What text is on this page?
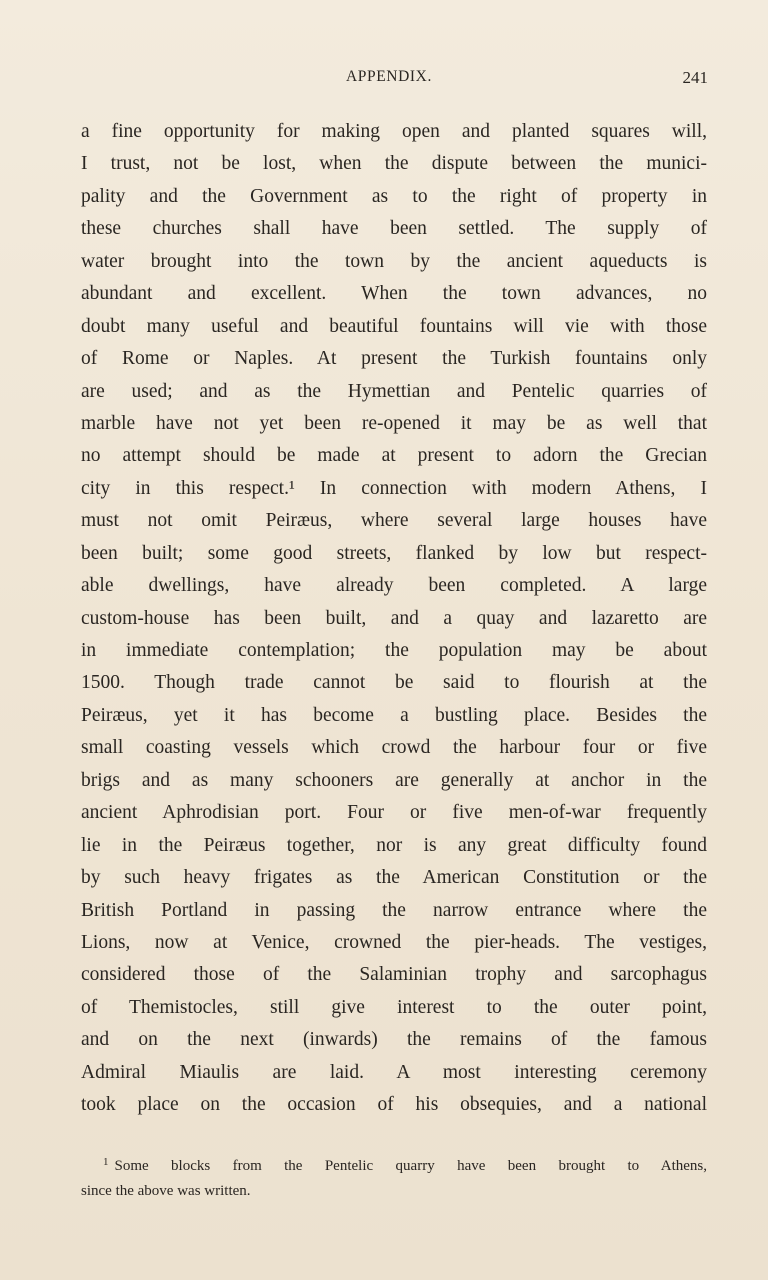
APPENDIX.	241
a fine opportunity for making open and planted squares will,
I trust, not be lost, when the dispute between the munici-
pality and the Government as to the right of property in
these churches shall have been settled. The supply of
water brought into the town by the ancient aqueducts is
abundant and excellent. When the town advances, no
doubt many useful and beautiful fountains will vie with those
of Rome or Naples. At present the Turkish fountains only
are used; and as the Hymettian and Pentelic quarries of
marble have not yet been re-opened it may be as well that
no attempt should be made at present to adorn the Grecian
city in this respect.¹ In connection with modern Athens, I
must not omit Peiræus, where several large houses have
been built; some good streets, flanked by low but respect-
able dwellings, have already been completed. A large
custom-house has been built, and a quay and lazaretto are
in immediate contemplation; the population may be about
1500. Though trade cannot be said to flourish at the
Peiræus, yet it has become a bustling place. Besides the
small coasting vessels which crowd the harbour four or five
brigs and as many schooners are generally at anchor in the
ancient Aphrodisian port. Four or five men-of-war frequently
lie in the Peiræus together, nor is any great difficulty found
by such heavy frigates as the American Constitution or the
British Portland in passing the narrow entrance where the
Lions, now at Venice, crowned the pier-heads. The vestiges,
considered those of the Salaminian trophy and sarcophagus
of Themistocles, still give interest to the outer point,
and on the next (inwards) the remains of the famous
Admiral Miaulis are laid. A most interesting ceremony
took place on the occasion of his obsequies, and a national
$^1$ Some blocks from the Pentelic quarry have been brought to Athens,
since the above was written.
